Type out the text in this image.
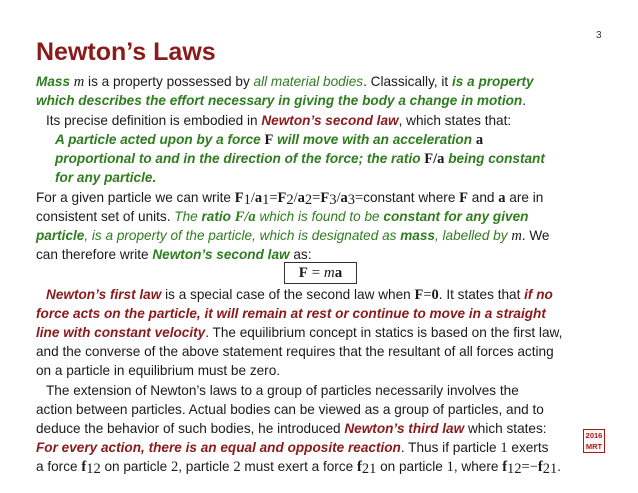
3
Newton’s Laws
Mass m is a property possessed by all material bodies. Classically, it is a property
which describes the effort necessary in giving the body a change in motion.
Its precise definition is embodied in Newton’s second law, which states that:
A particle acted upon by a force F will move with an acceleration a
proportional to and in the direction of the force; the ratio F/a being constant
for any particle.
For a given particle we can write $F_1/a_1=F_2/a_2=F_3/a_3=constant$ where F and a are in
consistent set of units. The ratio F/a which is found to be constant for any given
particle, is a property of the particle, which is designated as mass, labelled by m. We
can therefore write Newton’s second law as:
F = ma
Newton’s first law is a special case of the second law when F=0. It states that if no
force acts on the particle, it will remain at rest or continue to move in a straight
line with constant velocity. The equilibrium concept in statics is based on the first law,
and the converse of the above statement requires that the resultant of all forces acting
on a particle in equilibrium must be zero.
The extension of Newton’s laws to a group of particles necessarily involves the
action between particles. Actual bodies can be viewed as a group of particles, and to
deduce the behavior of such bodies, he introduced Newton’s third law which states:
For every action, there is an equal and opposite reaction. Thus if particle 1 exerts
a force $f_{12}$ on particle 2, particle 2 must exert a force $f_{21}$ on particle 1, where $f_{12}=-f_{21}$.
2016
MRT
